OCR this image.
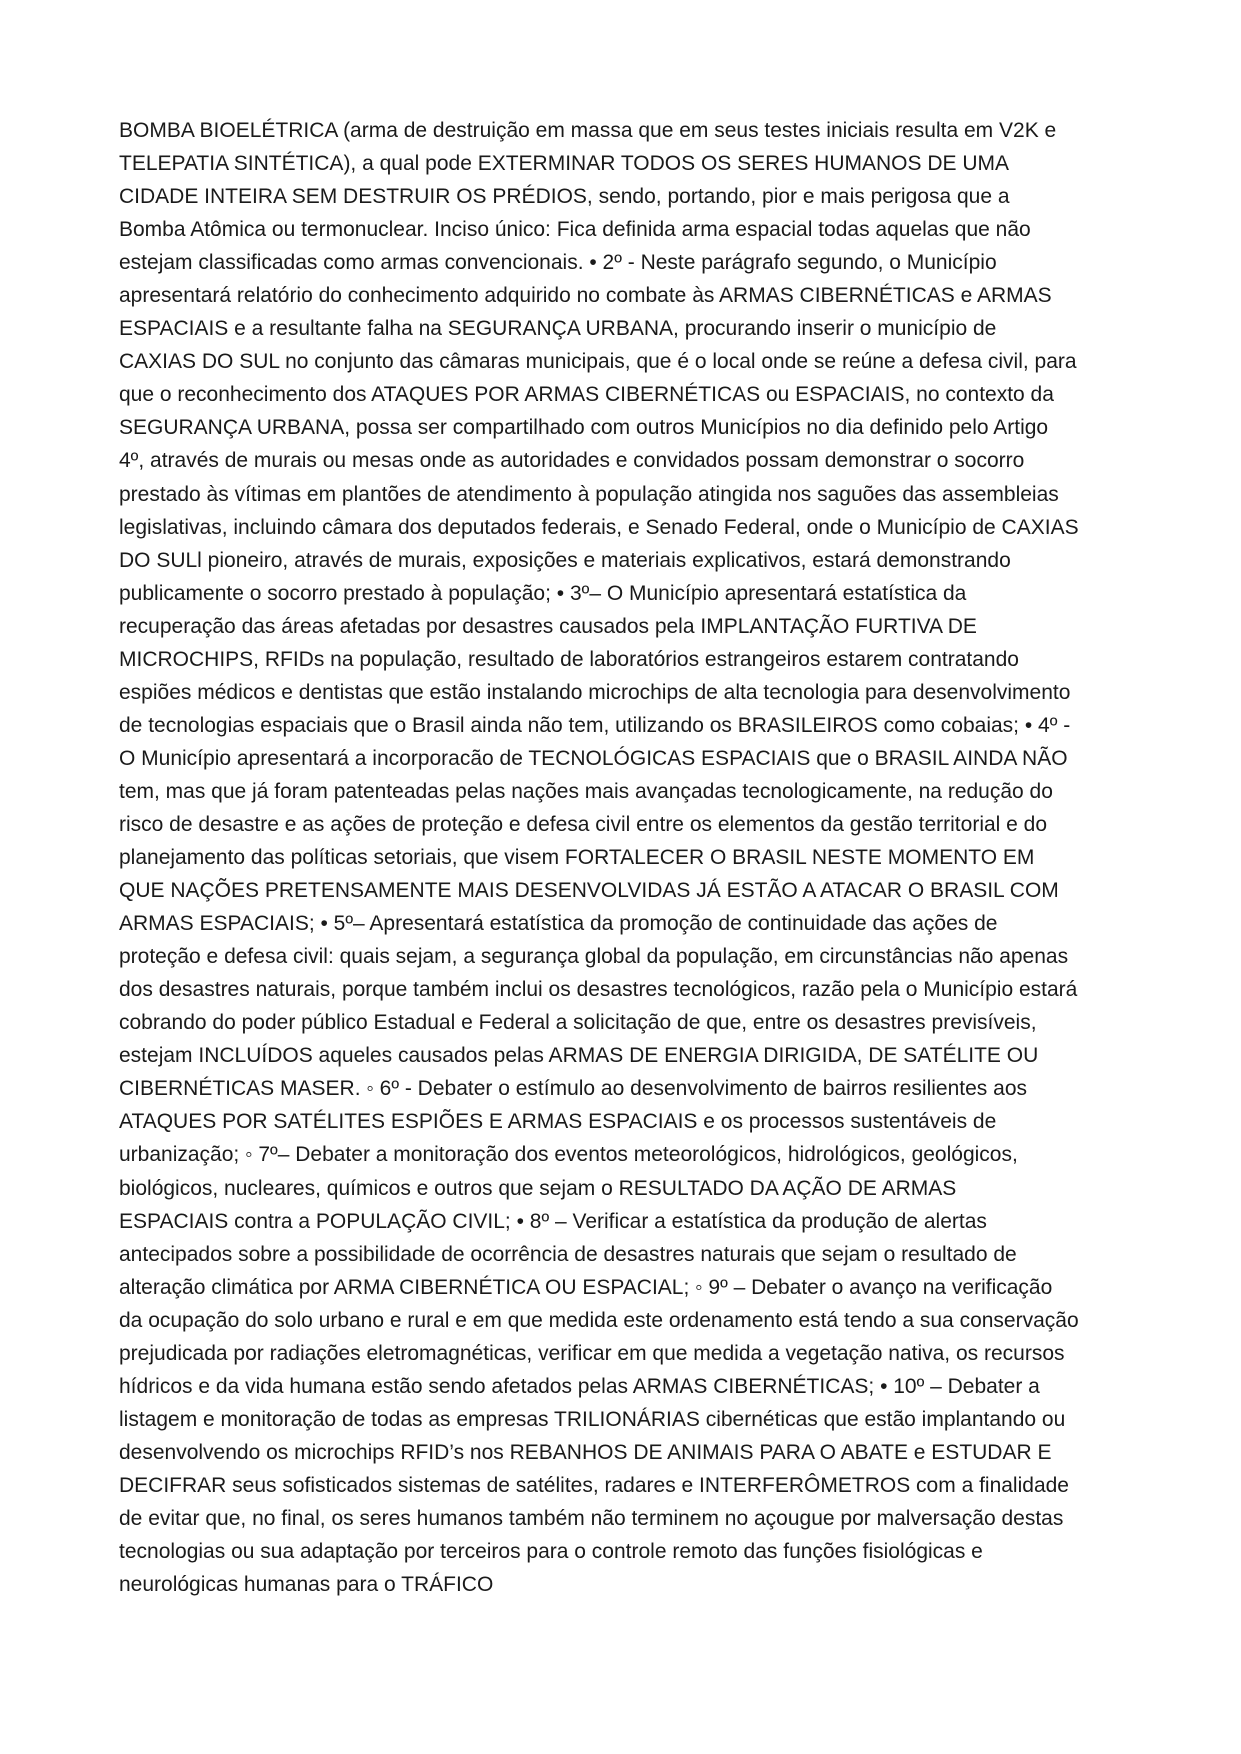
BOMBA BIOELÉTRICA (arma de destruição em massa que em seus testes iniciais resulta em V2K e
TELEPATIA SINTÉTICA), a qual pode EXTERMINAR TODOS OS SERES HUMANOS DE UMA
CIDADE INTEIRA SEM DESTRUIR OS PRÉDIOS, sendo, portando, pior e mais perigosa que a
Bomba Atômica ou termonuclear. Inciso único: Fica definida arma espacial todas aquelas que não
estejam classificadas como armas convencionais. • 2º - Neste parágrafo segundo, o Município
apresentará relatório do conhecimento adquirido no combate às ARMAS CIBERNÉTICAS e ARMAS
ESPACIAIS e a resultante falha na SEGURANÇA URBANA, procurando inserir o município de
CAXIAS DO SUL no conjunto das câmaras municipais, que é o local onde se reúne a defesa civil, para
que o reconhecimento dos ATAQUES POR ARMAS CIBERNÉTICAS ou ESPACIAIS, no contexto da
SEGURANÇA URBANA, possa ser compartilhado com outros Municípios no dia definido pelo Artigo
4º, através de murais ou mesas onde as autoridades e convidados possam demonstrar o socorro
prestado às vítimas em plantões de atendimento à população atingida nos saguões das assembleias
legislativas, incluindo câmara dos deputados federais, e Senado Federal, onde o Município de CAXIAS
DO SULl pioneiro, através de murais, exposições e materiais explicativos, estará demonstrando
publicamente o socorro prestado à população; • 3º– O Município apresentará estatística da
recuperação das áreas afetadas por desastres causados pela IMPLANTAÇÃO FURTIVA DE
MICROCHIPS, RFIDs na população, resultado de laboratórios estrangeiros estarem contratando
espiões médicos e dentistas que estão instalando microchips de alta tecnologia para desenvolvimento
de tecnologias espaciais que o Brasil ainda não tem, utilizando os BRASILEIROS como cobaias; • 4º -
O Município apresentará a incorporacão de TECNOLÓGICAS ESPACIAIS que o BRASIL AINDA NÃO
tem, mas que já foram patenteadas pelas nações mais avançadas tecnologicamente, na redução do
risco de desastre e as ações de proteção e defesa civil entre os elementos da gestão territorial e do
planejamento das políticas setoriais, que visem FORTALECER O BRASIL NESTE MOMENTO EM
QUE NAÇÕES PRETENSAMENTE MAIS DESENVOLVIDAS JÁ ESTÃO A ATACAR O BRASIL COM
ARMAS ESPACIAIS; • 5º– Apresentará estatística da promoção de continuidade das ações de
proteção e defesa civil: quais sejam, a segurança global da população, em circunstâncias não apenas
dos desastres naturais, porque também inclui os desastres tecnológicos, razão pela o Município estará
cobrando do poder público Estadual e Federal a solicitação de que, entre os desastres previsíveis,
estejam INCLUÍDOS aqueles causados pelas ARMAS DE ENERGIA DIRIGIDA, DE SATÉLITE OU
CIBERNÉTICAS MASER. ◦ 6º - Debater o estímulo ao desenvolvimento de bairros resilientes aos
ATAQUES POR SATÉLITES ESPIÕES E ARMAS ESPACIAIS e os processos sustentáveis de
urbanização; ◦ 7º– Debater a monitoração dos eventos meteorológicos, hidrológicos, geológicos,
biológicos, nucleares, químicos e outros que sejam o RESULTADO DA AÇÃO DE ARMAS
ESPACIAIS contra a POPULAÇÃO CIVIL; • 8º – Verificar a estatística da produção de alertas
antecipados sobre a possibilidade de ocorrência de desastres naturais que sejam o resultado de
alteração climática por ARMA CIBERNÉTICA OU ESPACIAL; ◦ 9º – Debater o avanço na verificação
da ocupação do solo urbano e rural e em que medida este ordenamento está tendo a sua conservação
prejudicada por radiações eletromagnéticas, verificar em que medida a vegetação nativa, os recursos
hídricos e da vida humana estão sendo afetados pelas ARMAS CIBERNÉTICAS; • 10º – Debater a
listagem e monitoração de todas as empresas TRILIONÁRIAS cibernéticas que estão implantando ou
desenvolvendo os microchips RFID’s nos REBANHOS DE ANIMAIS PARA O ABATE e ESTUDAR E
DECIFRAR seus sofisticados sistemas de satélites, radares e INTERFERÔMETROS com a finalidade
de evitar que, no final, os seres humanos também não terminem no açougue por malversação destas
tecnologias ou sua adaptação por terceiros para o controle remoto das funções fisiológicas e
neurológicas humanas para o TRÁFICO
